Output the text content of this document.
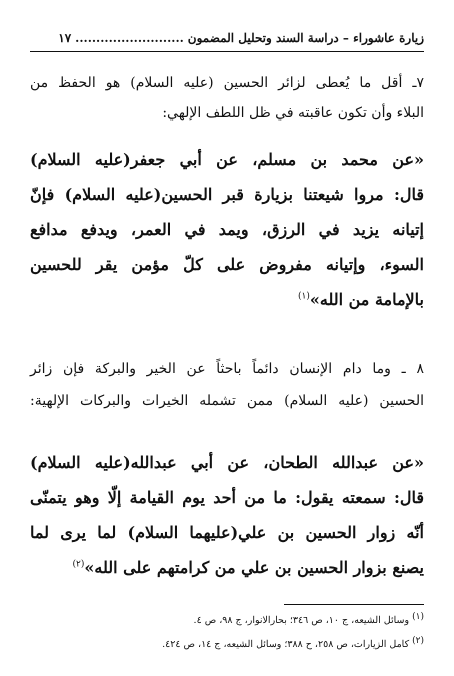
زيارة عاشوراء – دراسة السند وتحليل المضمون
..........................
١٧
٧ـ أقل ما يُعطى لزائر الحسين (عليه السلام) هو الحفظ من
البلاء وأن تكون عاقبته في ظل اللطف الإلهي:
«عن محمد بن مسلم، عن أبي جعفر(عليه السلام)
قال: مروا شيعتنا بزيارة قبر الحسين(عليه السلام) فإنّ
إتيانه يزيد في الرزق، ويمد في العمر، ويدفع مدافع
السوء، وإتيانه مفروض على كلّ مؤمن يقر للحسين
بالإمامة من الله»$^{(١)}$
٨ ـ وما دام الإنسان دائماً باحثاً عن الخير والبركة فإن زائر
الحسين (عليه السلام) ممن تشمله الخيرات والبركات الإلهية:
«عن عبدالله الطحان، عن أبي عبدالله(عليه السلام)
قال: سمعته يقول: ما من أحد يوم القيامة إلّا وهو يتمنّى
أنّه زوار الحسين بن علي(عليهما السلام) لما يرى لما
يصنع بزوار الحسين بن علي من كرامتهم على الله»$^{(٢)}$
(١) وسائل الشيعه، ج ١٠، ص ٣٤٦؛ بحارالانوار، ج ٩٨، ص ٤.
(٢) كامل الزيارات، ص ٢٥٨، ح ٣٨٨؛ وسائل الشيعه، ج ١٤، ص ٤٢٤.
